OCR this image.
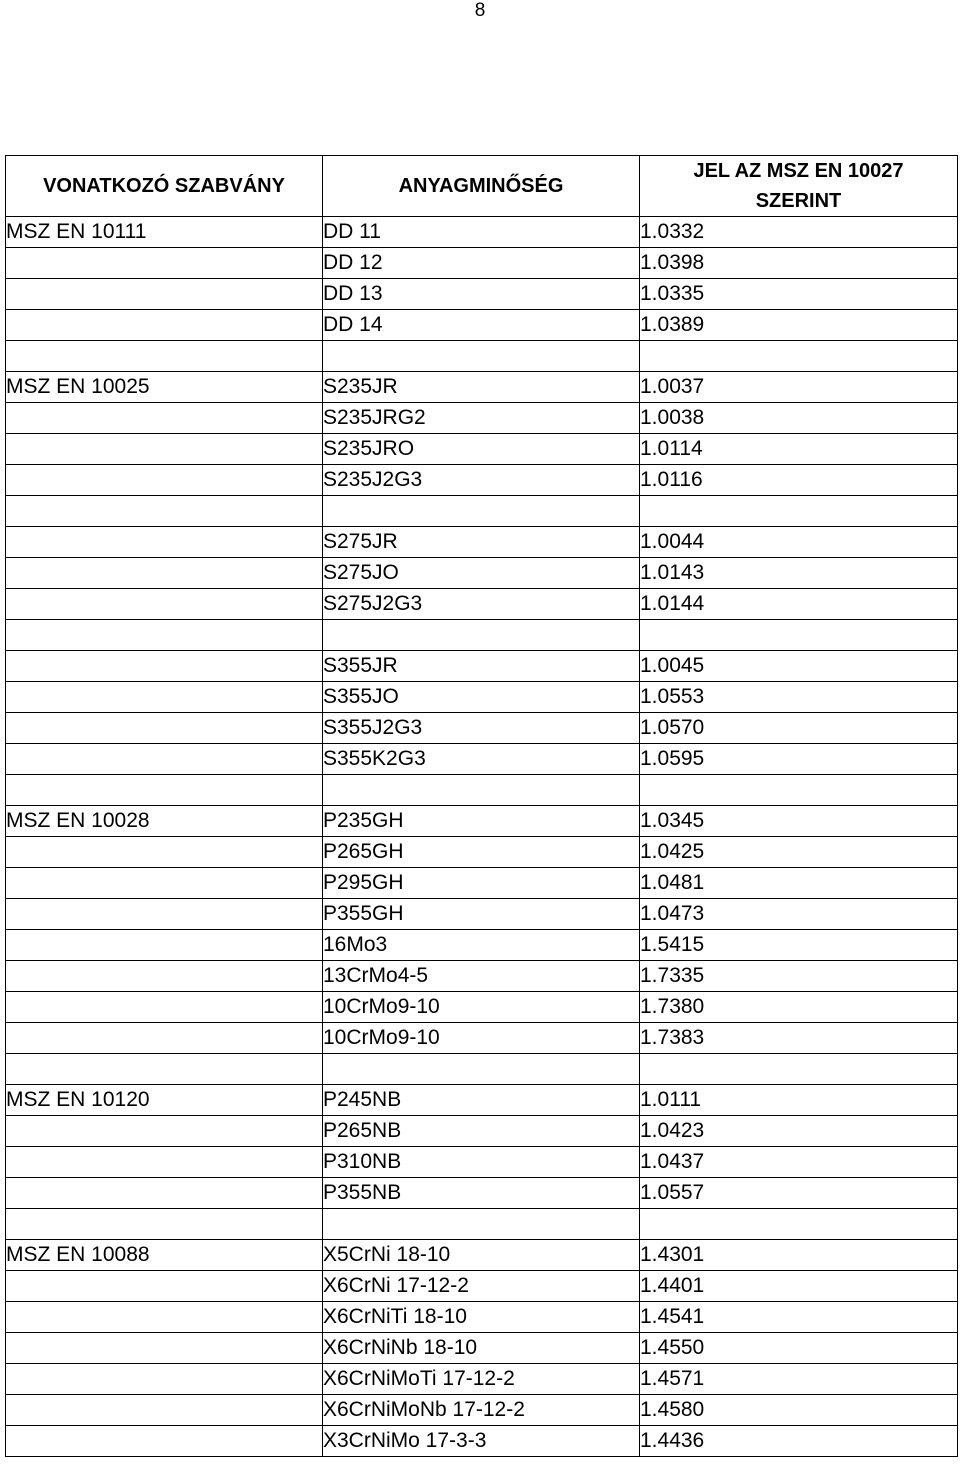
8
VONATKOZÓ SZABVÁNY	ANYAGMINŐSÉG	JEL AZ MSZ EN 10027
SZERINT

MSZ EN 10111	DD 11	1.0332
	DD 12	1.0398
	DD 13	1.0335
	DD 14	1.0389

MSZ EN 10025	S235JR	1.0037
	S235JRG2	1.0038
	S235JRO	1.0114
	S235J2G3	1.0116

	S275JR	1.0044
	S275JO	1.0143
	S275J2G3	1.0144

	S355JR	1.0045
	S355JO	1.0553
	S355J2G3	1.0570
	S355K2G3	1.0595

MSZ EN 10028	P235GH	1.0345
	P265GH	1.0425
	P295GH	1.0481
	P355GH	1.0473
	16Mo3	1.5415
	13CrMo4-5	1.7335
	10CrMo9-10	1.7380
	10CrMo9-10	1.7383

MSZ EN 10120	P245NB	1.0111
	P265NB	1.0423
	P310NB	1.0437
	P355NB	1.0557

MSZ EN 10088	X5CrNi 18-10	1.4301
	X6CrNi 17-12-2	1.4401
	X6CrNiTi 18-10	1.4541
	X6CrNiNb 18-10	1.4550
	X6CrNiMoTi 17-12-2	1.4571
	X6CrNiMoNb 17-12-2	1.4580
	X3CrNiMo 17-3-3	1.4436
